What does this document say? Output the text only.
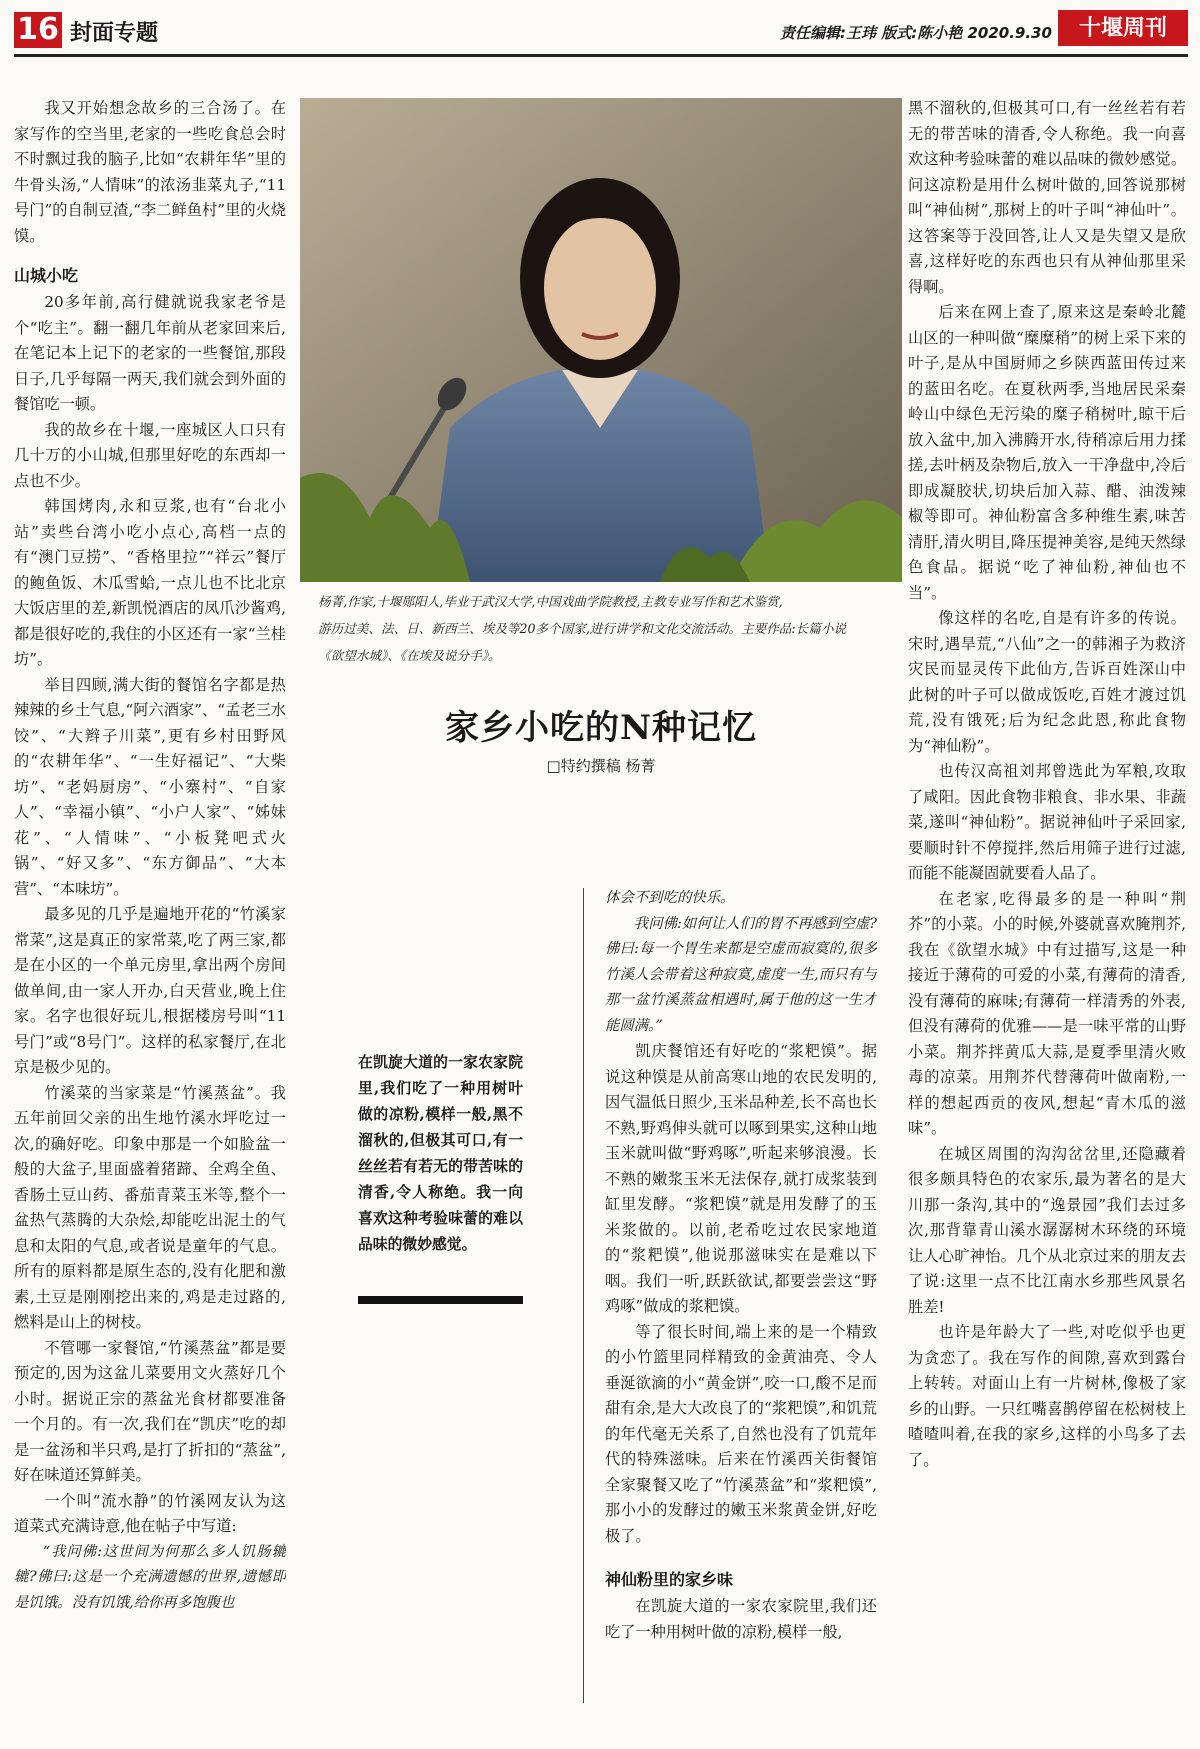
16 封面专题	责任编辑:王玮 版式:陈小艳 2020.9.30	十堰周刊

我又开始想念故乡的三合汤了。在家写作的空当里,老家的一些吃食总会时不时飘过我的脑子,比如“农耕年华”里的牛骨头汤,“人情味”的浓汤韭菜丸子,“11号门”的自制豆渣,“李二鲜鱼村”里的火烧馍。

山城小吃

20多年前,高行健就说我家老爷是个“吃主”。翻一翻几年前从老家回来后,在笔记本上记下的老家的一些餐馆,那段日子,几乎每隔一两天,我们就会到外面的餐馆吃一顿。

我的故乡在十堰,一座城区人口只有几十万的小山城,但那里好吃的东西却一点也不少。

韩国烤肉,永和豆浆,也有“台北小站”卖些台湾小吃小点心,高档一点的有“澳门豆捞”、“香格里拉”“祥云”餐厅的鲍鱼饭、木瓜雪蛤,一点儿也不比北京大饭店里的差,新凯悦酒店的凤爪沙酱鸡,都是很好吃的,我住的小区还有一家“兰桂坊”。

举目四顾,满大街的餐馆名字都是热辣辣的乡土气息,“阿六酒家”、“孟老三水饺”、“大辫子川菜”,更有乡村田野风的“农耕年华”、“一生好福记”、“大柴坊”、“老妈厨房”、“小寨村”、“自家人”、“幸福小镇”、“小户人家”、“姊妹花”、“人情味”、“小板凳吧式火锅”、“好又多”、“东方御品”、“大本营”、“本味坊”。

最多见的几乎是遍地开花的“竹溪家常菜”,这是真正的家常菜,吃了两三家,都是在小区的一个单元房里,拿出两个房间做单间,由一家人开办,白天营业,晚上住家。名字也很好玩儿,根据楼房号叫“11号门”或“8号门”。这样的私家餐厅,在北京是极少见的。

竹溪菜的当家菜是“竹溪蒸盆”。我五年前回父亲的出生地竹溪水坪吃过一次,的确好吃。印象中那是一个如脸盆一般的大盆子,里面盛着猪蹄、全鸡全鱼、香肠土豆山药、番茄青菜玉米等,整个一盆热气蒸腾的大杂烩,却能吃出泥土的气息和太阳的气息,或者说是童年的气息。所有的原料都是原生态的,没有化肥和激素,土豆是刚刚挖出来的,鸡是走过路的,燃料是山上的树枝。

不管哪一家餐馆,“竹溪蒸盆”都是要预定的,因为这盆儿菜要用文火蒸好几个小时。据说正宗的蒸盆光食材都要准备一个月的。有一次,我们在“凯庆”吃的却是一盆汤和半只鸡,是打了折扣的“蒸盆”,好在味道还算鲜美。

一个叫“流水静”的竹溪网友认为这道菜式充满诗意,他在帖子中写道:

“我问佛:这世间为何那么多人饥肠辘辘?佛曰:这是一个充满遗憾的世界,遗憾即是饥饿。没有饥饿,给你再多饱腹也

杨菁,作家,十堰郧阳人,毕业于武汉大学,中国戏曲学院教授,主教专业写作和艺术鉴赏,
游历过美、法、日、新西兰、埃及等20多个国家,进行讲学和文化交流活动。主要作品:长篇小说
《欲望水城》、《在埃及说分手》。
家乡小吃的N种记忆
□特约撰稿 杨菁
在凯旋大道的一家农家院里,我们吃了一种用树叶做的凉粉,模样一般,黑不溜秋的,但极其可口,有一丝丝若有若无的带苦味的清香,令人称绝。我一向喜欢这种考验味蕾的难以品味的微妙感觉。

体会不到吃的快乐。

我问佛:如何让人们的胃不再感到空虚?佛曰:每一个胃生来都是空虚而寂寞的,很多竹溪人会带着这种寂寞,虚度一生,而只有与那一盆竹溪蒸盆相遇时,属于他的这一生才能圆满。”

凯庆餐馆还有好吃的“浆粑馍”。据说这种馍是从前高寒山地的农民发明的,因气温低日照少,玉米品种差,长不高也长不熟,野鸡伸头就可以啄到果实,这种山地玉米就叫做“野鸡啄”,听起来够浪漫。长不熟的嫩浆玉米无法保存,就打成浆装到缸里发酵。“浆粑馍”就是用发酵了的玉米浆做的。以前,老希吃过农民家地道的“浆粑馍”,他说那滋味实在是难以下咽。我们一听,跃跃欲试,都要尝尝这“野鸡啄”做成的浆粑馍。

等了很长时间,端上来的是一个精致的小竹篮里同样精致的金黄油亮、令人垂涎欲滴的小“黄金饼”,咬一口,酸不足而甜有余,是大大改良了的“浆粑馍”,和饥荒的年代毫无关系了,自然也没有了饥荒年代的特殊滋味。后来在竹溪西关街餐馆全家聚餐又吃了“竹溪蒸盆”和“浆粑馍”,那小小的发酵过的嫩玉米浆黄金饼,好吃极了。

神仙粉里的家乡味

在凯旋大道的一家农家院里,我们还吃了一种用树叶做的凉粉,模样一般,

黑不溜秋的,但极其可口,有一丝丝若有若无的带苦味的清香,令人称绝。我一向喜欢这种考验味蕾的难以品味的微妙感觉。问这凉粉是用什么树叶做的,回答说那树叫“神仙树”,那树上的叶子叫“神仙叶”。这答案等于没回答,让人又是失望又是欣喜,这样好吃的东西也只有从神仙那里采得啊。

后来在网上查了,原来这是秦岭北麓山区的一种叫做“糜糜稍”的树上采下来的叶子,是从中国厨师之乡陕西蓝田传过来的蓝田名吃。在夏秋两季,当地居民采秦岭山中绿色无污染的糜子稍树叶,晾干后放入盆中,加入沸腾开水,待稍凉后用力揉搓,去叶柄及杂物后,放入一干净盘中,冷后即成凝胶状,切块后加入蒜、醋、油泼辣椒等即可。神仙粉富含多种维生素,味苦清肝,清火明目,降压提神美容,是纯天然绿色食品。据说“吃了神仙粉,神仙也不当”。

像这样的名吃,自是有许多的传说。宋时,遇旱荒,“八仙”之一的韩湘子为救济灾民而显灵传下此仙方,告诉百姓深山中此树的叶子可以做成饭吃,百姓才渡过饥荒,没有饿死;后为纪念此恩,称此食物为“神仙粉”。

也传汉高祖刘邦曾选此为军粮,攻取了咸阳。因此食物非粮食、非水果、非蔬菜,遂叫“神仙粉”。据说神仙叶子采回家,要顺时针不停搅拌,然后用筛子进行过滤,而能不能凝固就要看人品了。

在老家,吃得最多的是一种叫“荆芥”的小菜。小的时候,外婆就喜欢腌荆芥,我在《欲望水城》中有过描写,这是一种接近于薄荷的可爱的小菜,有薄荷的清香,没有薄荷的麻味;有薄荷一样清秀的外表,但没有薄荷的优雅——是一味平常的山野小菜。荆芥拌黄瓜大蒜,是夏季里清火败毒的凉菜。用荆芥代替薄荷叶做南粉,一样的想起西贡的夜风,想起“青木瓜的滋味”。

在城区周围的沟沟岔岔里,还隐藏着很多颇具特色的农家乐,最为著名的是大川那一条沟,其中的“逸景园”我们去过多次,那背靠青山溪水潺潺树木环绕的环境让人心旷神怡。几个从北京过来的朋友去了说:这里一点不比江南水乡那些风景名胜差!

也许是年龄大了一些,对吃似乎也更为贪恋了。我在写作的间隙,喜欢到露台上转转。对面山上有一片树林,像极了家乡的山野。一只红嘴喜鹊停留在松树枝上喳喳叫着,在我的家乡,这样的小鸟多了去了。
